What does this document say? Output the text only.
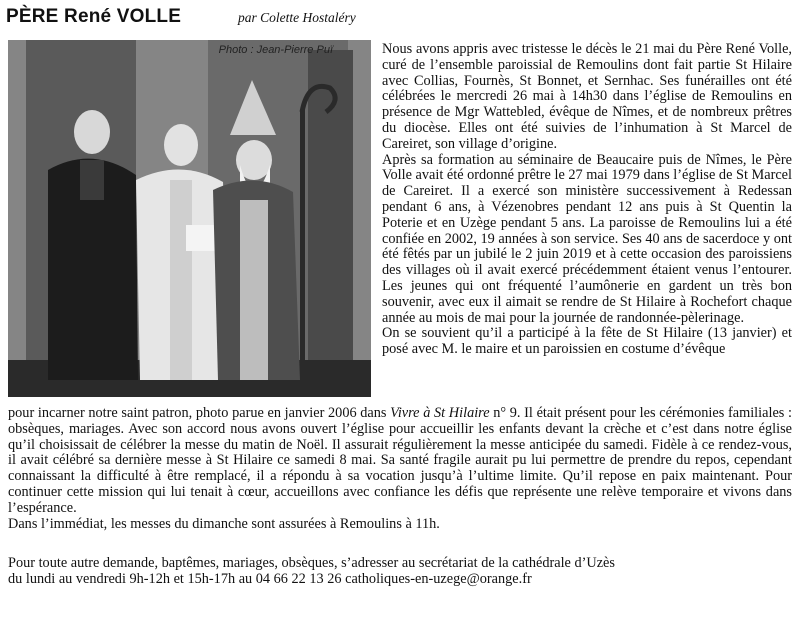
PÈRE René VOLLE	par Colette Hostaléry
Photo : Jean-Pierre Puï	Nous avons appris avec tristesse le décès le 21 mai du Père René Volle, curé de l’ensemble paroissial de Remoulins dont fait partie St Hilaire avec Collias, Fournès, St Bonnet, et Sernhac. Ses funérailles ont été célébrées le mercredi 26 mai à 14h30 dans l’église de Remoulins en présence de Mgr Wattebled, évêque de Nîmes, et de nombreux prêtres du diocèse. Elles ont été suivies de l’inhumation à St Marcel de Careiret, son village d’origine.

Après sa formation au séminaire de Beaucaire puis de Nîmes, le Père Volle avait été ordonné prêtre le 27 mai 1979 dans l’église de St Marcel de Careiret. Il a exercé son ministère successivement à Redessan pendant 6 ans, à Vézenobres pendant 12 ans puis à St Quentin la Poterie et en Uzège pendant 5 ans. La paroisse de Remoulins lui a été confiée en 2002, 19 années à son service. Ses 40 ans de sacerdoce y ont été fêtés par un jubilé le 2 juin 2019 et à cette occasion des paroissiens des villages où il avait exercé précédemment étaient venus l’entourer. Les jeunes qui ont fréquenté l’aumônerie en gardent un très bon souvenir, avec eux il aimait se rendre de St Hilaire à Rochefort chaque année au mois de mai pour la journée de randonnée-pèlerinage.

On se souvient qu’il a participé à la fête de St Hilaire (13 janvier) et posé avec M. le maire et un paroissien en costume d’évêque

pour incarner notre saint patron, photo parue en janvier 2006 dans Vivre à St Hilaire n° 9. Il était présent pour les cérémonies familiales : obsèques, mariages. Avec son accord nous avons ouvert l’église pour accueillir les enfants devant la crèche et c’est dans notre église qu’il choisissait de célébrer la messe du matin de Noël. Il assurait régulièrement la messe anticipée du samedi. Fidèle à ce rendez-vous, il avait célébré sa dernière messe à St Hilaire ce samedi 8 mai. Sa santé fragile aurait pu lui permettre de prendre du repos, cependant connaissant la difficulté à être remplacé, il a répondu à sa vocation jusqu’à l’ultime limite. Qu’il repose en paix maintenant. Pour continuer cette mission qui lui tenait à cœur, accueillons avec confiance les défis que représente une relève temporaire et vivons dans l’espérance.

Dans l’immédiat, les messes du dimanche sont assurées à Remoulins à 11h.

Pour toute autre demande, baptêmes, mariages, obsèques, s’adresser au secrétariat de la cathédrale d’Uzès

du lundi au vendredi 9h-12h et 15h-17h au 04 66 22 13 26 catholiques-en-uzege@orange.fr
